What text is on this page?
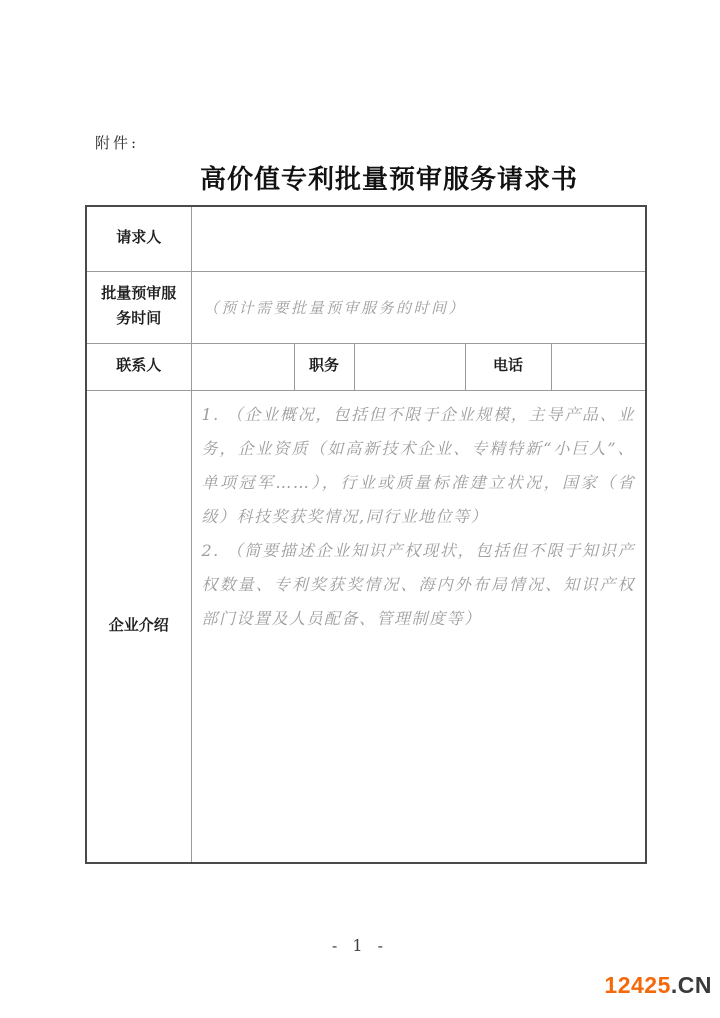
附件:
高价值专利批量预审服务请求书
请求人					
批量预审服务时间	（预计需要批量预审服务的时间）				
联系人		职务		电话	
企业介绍	1. （企业概况，包括但不限于企业规模，主导产品、业务，企业资质（如高新技术企业、专精特新“小巨人”、单项冠军……），行业或质量标准建立状况，国家（省级）科技奖获奖情况,同行业地位等）

2. （简要描述企业知识产权现状，包括但不限于知识产权数量、专利奖获奖情况、海内外布局情况、知识产权部门设置及人员配备、管理制度等）				

- 1 -
12425.CN
